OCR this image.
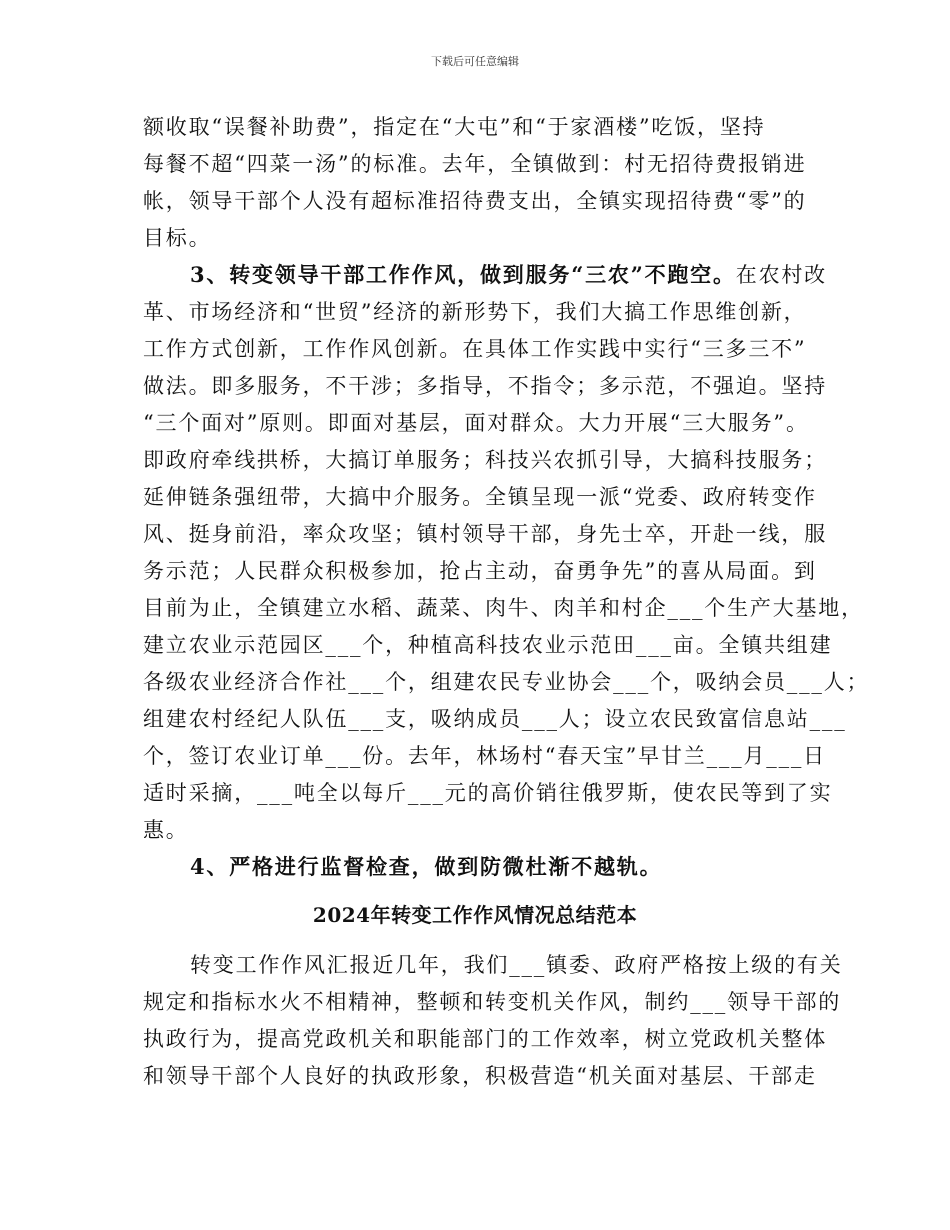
下载后可任意编辑
额收取“误餐补助费”，指定在“大屯”和“于家酒楼”吃饭，坚持
每餐不超“四菜一汤”的标准。去年，全镇做到：村无招待费报销进
帐，领导干部个人没有超标准招待费支出，全镇实现招待费“零”的
目标。
3、转变领导干部工作作风，做到服务“三农”不跑空。在农村改
革、市场经济和“世贸”经济的新形势下，我们大搞工作思维创新，
工作方式创新，工作作风创新。在具体工作实践中实行“三多三不”
做法。即多服务，不干涉；多指导，不指令；多示范，不强迫。坚持
“三个面对”原则。即面对基层，面对群众。大力开展“三大服务”。
即政府牵线拱桥，大搞订单服务；科技兴农抓引导，大搞科技服务；
延伸链条强纽带，大搞中介服务。全镇呈现一派“党委、政府转变作
风、挺身前沿，率众攻坚；镇村领导干部，身先士卒，开赴一线，服
务示范；人民群众积极参加，抢占主动，奋勇争先”的喜从局面。到
目前为止，全镇建立水稻、蔬菜、肉牛、肉羊和村企___个生产大基地，
建立农业示范园区___个，种植高科技农业示范田___亩。全镇共组建
各级农业经济合作社___个，组建农民专业协会___个，吸纳会员___人；
组建农村经纪人队伍___支，吸纳成员___人；设立农民致富信息站___
个，签订农业订单___份。去年，林场村“春天宝”早甘兰___月___日
适时采摘，___吨全以每斤___元的高价销往俄罗斯，使农民等到了实
惠。
4、严格进行监督检查，做到防微杜渐不越轨。
2024年转变工作作风情况总结范本
转变工作作风汇报近几年，我们___镇委、政府严格按上级的有关
规定和指标水火不相精神，整顿和转变机关作风，制约___领导干部的
执政行为，提高党政机关和职能部门的工作效率，树立党政机关整体
和领导干部个人良好的执政形象，积极营造“机关面对基层、干部走
